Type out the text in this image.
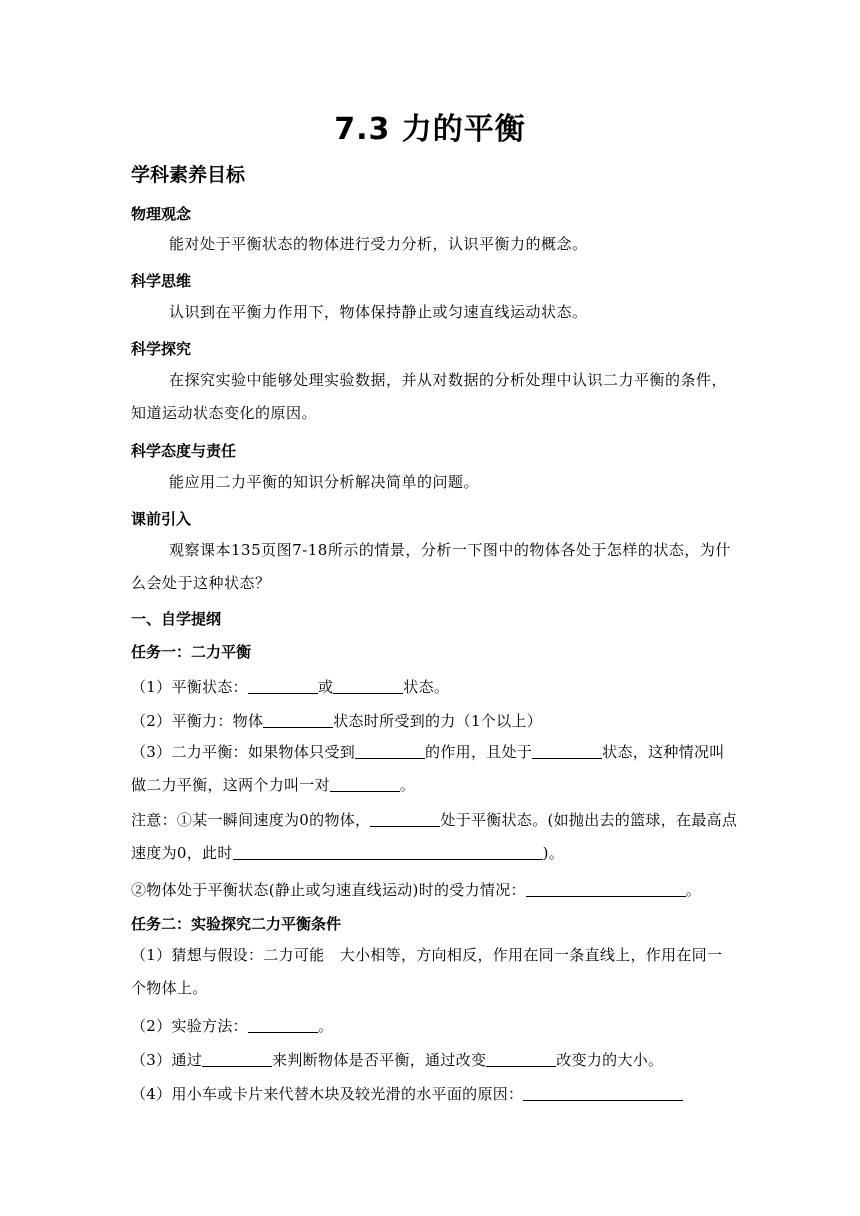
7.3 力的平衡
学科素养目标
物理观念
能对处于平衡状态的物体进行受力分析，认识平衡力的概念。
科学思维
认识到在平衡力作用下，物体保持静止或匀速直线运动状态。
科学探究
在探究实验中能够处理实验数据，并从对数据的分析处理中认识二力平衡的条件，知道运动状态变化的原因。
科学态度与责任
能应用二力平衡的知识分析解决简单的问题。
课前引入
观察课本135页图7-18所示的情景，分析一下图中的物体各处于怎样的状态，为什么会处于这种状态？
一、自学提纲
任务一：二力平衡
（1）平衡状态：	或	状态。
（2）平衡力：物体	状态时所受到的力（1个以上）
（3）二力平衡：如果物体只受到	的作用，且处于	状态，这种情况叫做二力平衡，这两个力叫一对	。
注意：①某一瞬间速度为0的物体，	处于平衡状态。(如抛出去的篮球，在最高点速度为0，此时	)。
②物体处于平衡状态(静止或匀速直线运动)时的受力情况：	。
任务二：实验探究二力平衡条件
（1）猜想与假设：二力可能　大小相等，方向相反，作用在同一条直线上，作用在同一个物体上。
（2）实验方法：	。
（3）通过	来判断物体是否平衡，通过改变	改变力的大小。
（4）用小车或卡片来代替木块及较光滑的水平面的原因：
